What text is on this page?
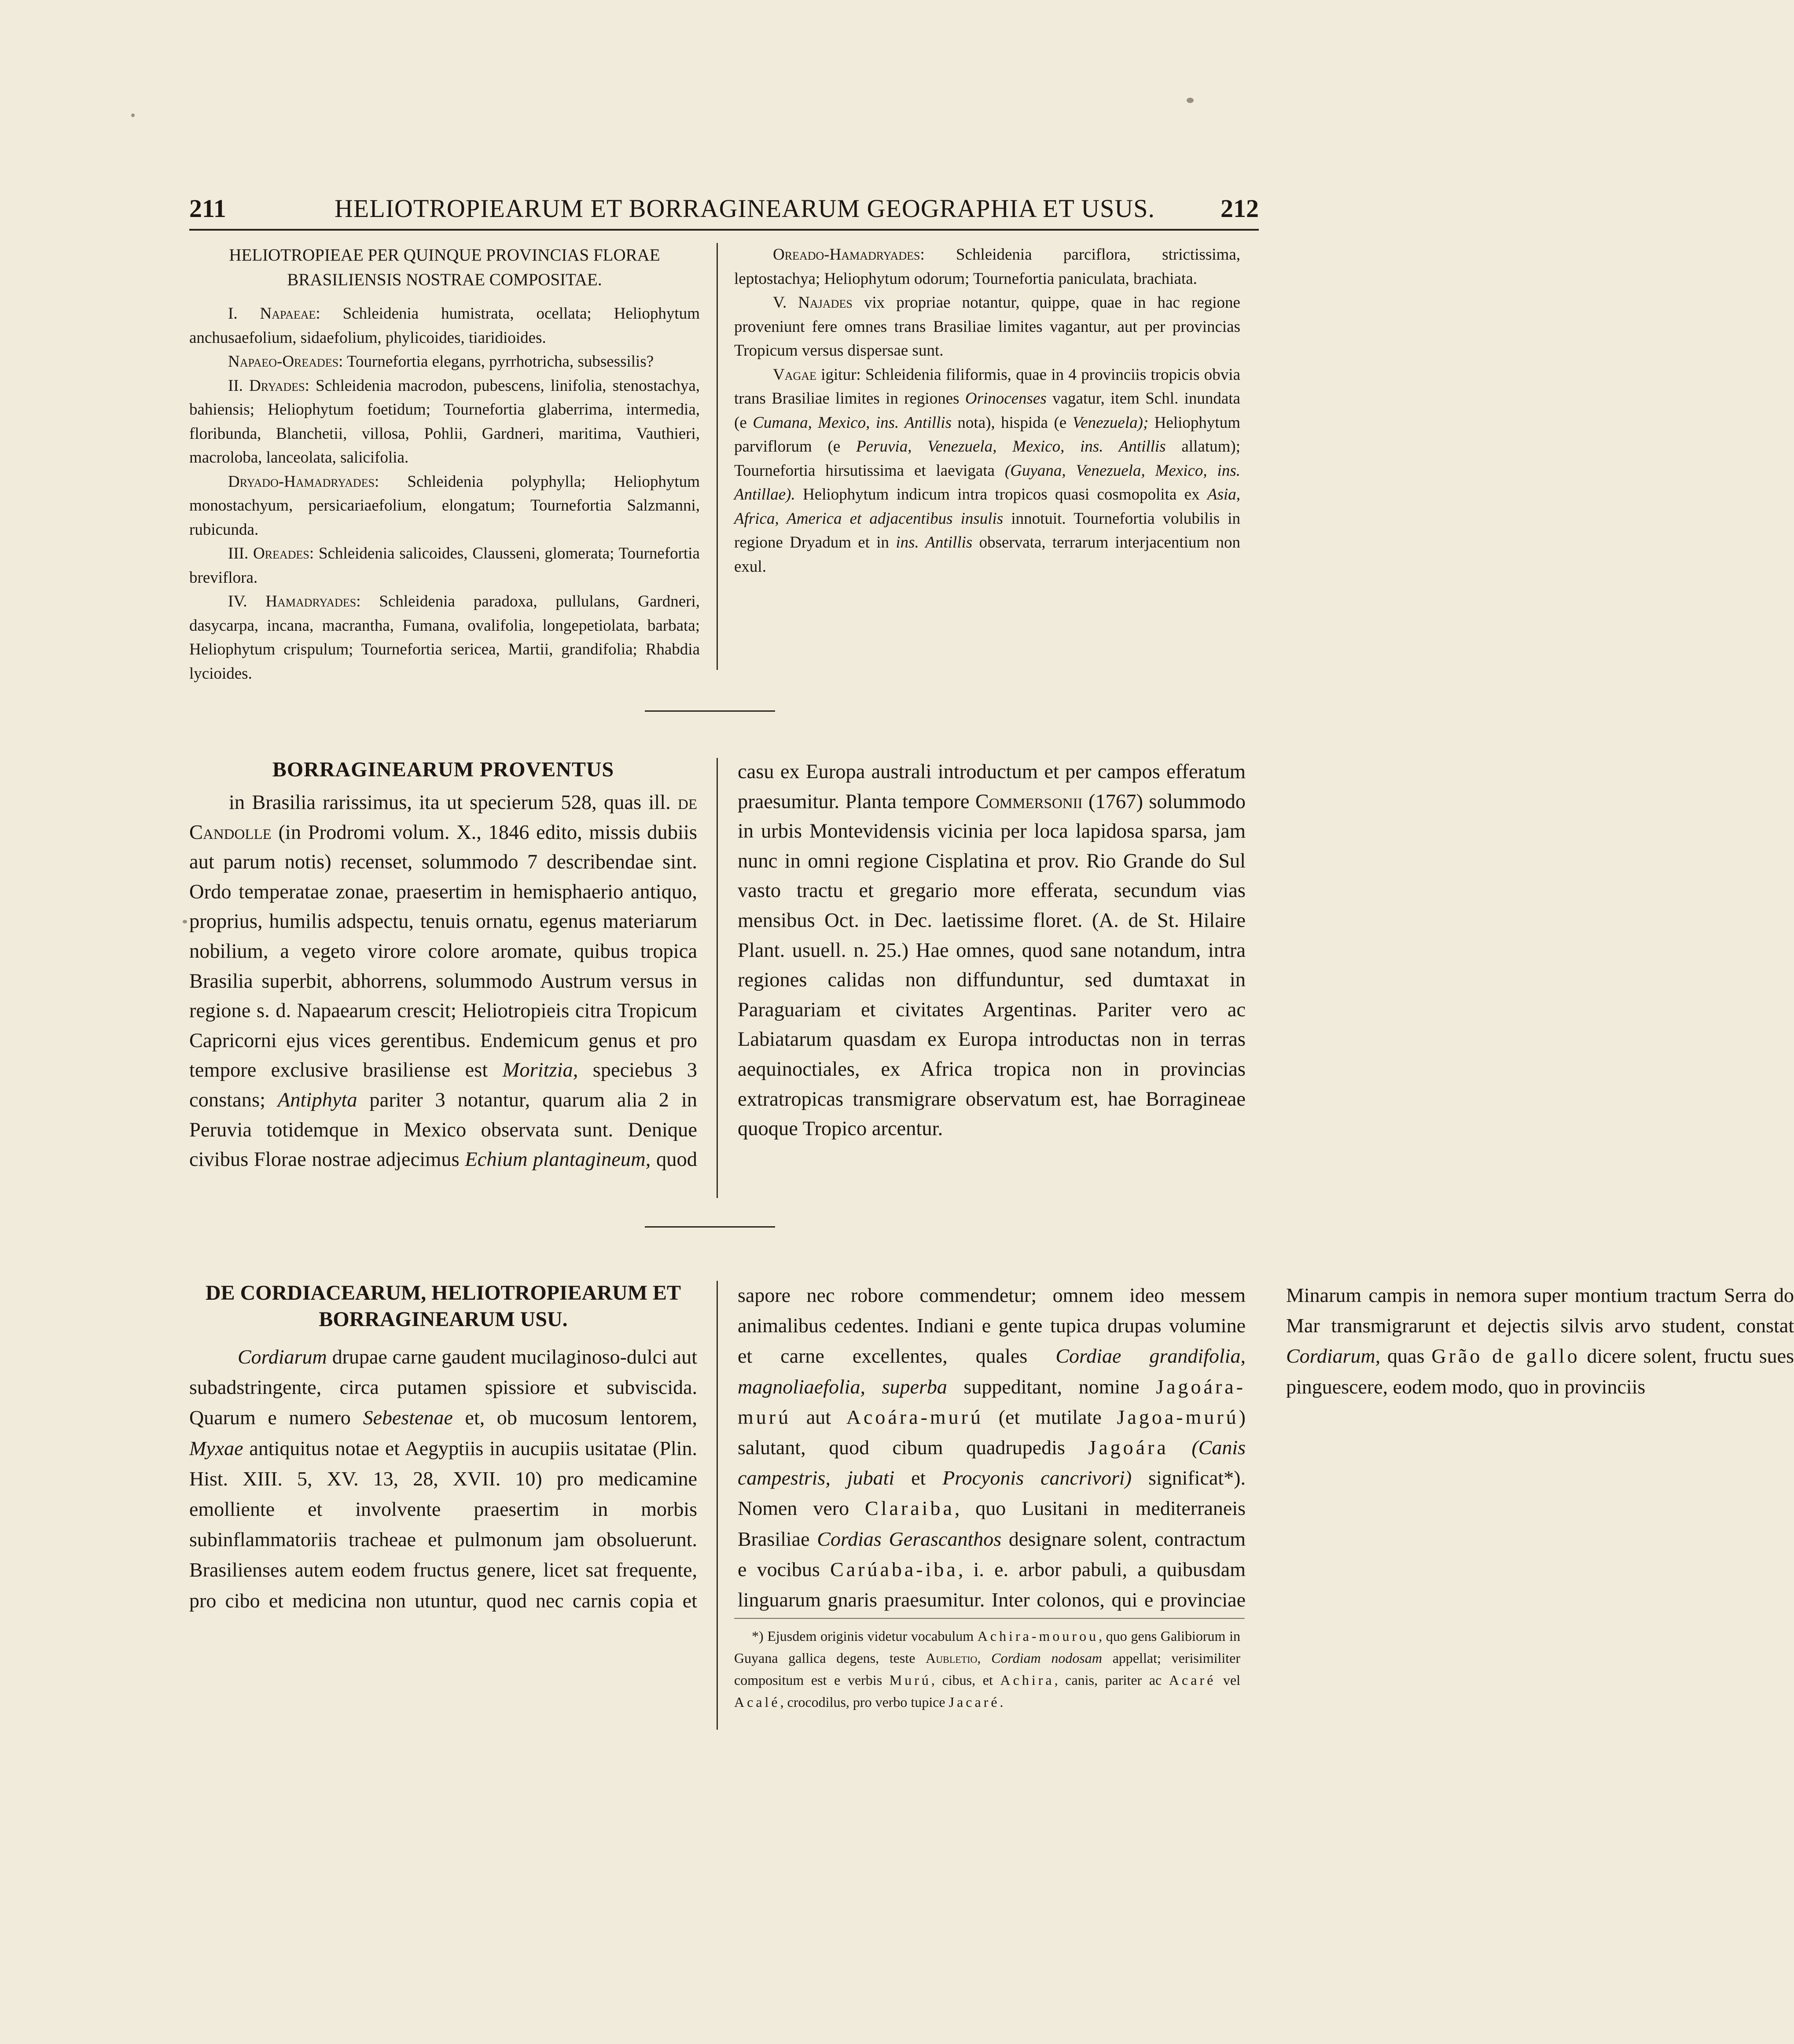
211	HELIOTROPIEARUM ET BORRAGINEARUM GEOGRAPHIA ET USUS.	212

HELIOTROPIEAE PER QUINQUE PROVINCIAS FLORAE BRASILIENSIS NOSTRAE COMPOSITAE.

I. Napaeae: Schleidenia humistrata, ocellata; Heliophytum anchusaefolium, sidaefolium, phylicoides, tiaridioides.

Napaeo-Oreades: Tournefortia elegans, pyrrhotricha, subsessilis?

II. Dryades: Schleidenia macrodon, pubescens, linifolia, stenostachya, bahiensis; Heliophytum foetidum; Tournefortia glaberrima, intermedia, floribunda, Blanchetii, villosa, Pohlii, Gardneri, maritima, Vauthieri, macroloba, lanceolata, salicifolia.

Dryado-Hamadryades: Schleidenia polyphylla; Heliophytum monostachyum, persicariaefolium, elongatum; Tournefortia Salzmanni, rubicunda.

III. Oreades: Schleidenia salicoides, Clausseni, glomerata; Tournefortia breviflora.

IV. Hamadryades: Schleidenia paradoxa, pullulans, Gardneri, dasycarpa, incana, macrantha, Fumana, ovalifolia, longepetiolata, barbata; Heliophytum crispulum; Tournefortia sericea, Martii, grandifolia; Rhabdia lycioides.

Oreado-Hamadryades: Schleidenia parciflora, strictissima, leptostachya; Heliophytum odorum; Tournefortia paniculata, brachiata.

V. Najades vix propriae notantur, quippe, quae in hac regione proveniunt fere omnes trans Brasiliae limites vagantur, aut per provincias Tropicum versus dispersae sunt.

Vagae igitur: Schleidenia filiformis, quae in 4 provinciis tropicis obvia trans Brasiliae limites in regiones Orinocenses vagatur, item Schl. inundata (e Cumana, Mexico, ins. Antillis nota), hispida (e Venezuela); Heliophytum parviflorum (e Peruvia, Venezuela, Mexico, ins. Antillis allatum); Tournefortia hirsutissima et laevigata (Guyana, Venezuela, Mexico, ins. Antillae). Heliophytum indicum intra tropicos quasi cosmopolita ex Asia, Africa, America et adjacentibus insulis innotuit. Tournefortia volubilis in regione Dryadum et in ins. Antillis observata, terrarum interjacentium non exul.

BORRAGINEARUM PROVENTUS

in Brasilia rarissimus, ita ut specierum 528, quas ill. de Candolle (in Prodromi volum. X., 1846 edito, missis dubiis aut parum notis) recenset, solummodo 7 describendae sint. Ordo temperatae zonae, praesertim in hemisphaerio antiquo, proprius, humilis adspectu, tenuis ornatu, egenus materiarum nobilium, a vegeto virore colore aromate, quibus tropica Brasilia superbit, abhorrens, solummodo Austrum versus in regione s. d. Napaearum crescit; Heliotropieis citra Tropicum Capricorni ejus vices gerentibus. Endemicum genus et pro tempore exclusive brasiliense est Moritzia, speciebus 3 constans; Antiphyta pariter 3 notantur, quarum alia 2 in Peruvia totidemque in Mexico observata sunt. Denique civibus Florae nostrae adjecimus Echium plantagineum, quod casu ex Europa australi introductum et per campos efferatum praesumitur. Planta tempore Commersonii (1767) solummodo in urbis Montevidensis vicinia per loca lapidosa sparsa, jam nunc in omni regione Cisplatina et prov. Rio Grande do Sul vasto tractu et gregario more efferata, secundum vias mensibus Oct. in Dec. laetissime floret. (A. de St. Hilaire Plant. usuell. n. 25.) Hae omnes, quod sane notandum, intra regiones calidas non diffunduntur, sed dumtaxat in Paraguariam et civitates Argentinas. Pariter vero ac Labiatarum quasdam ex Europa introductas non in terras aequinoctiales, ex Africa tropica non in provincias extratropicas transmigrare observatum est, hae Borragineae quoque Tropico arcentur.

DE CORDIACEARUM, HELIOTROPIEARUM ET BORRAGINEARUM USU.

Cordiarum drupae carne gaudent mucilaginoso-dulci aut subadstringente, circa putamen spissiore et subviscida. Quarum e numero Sebestenae et, ob mucosum lentorem, Myxae antiquitus notae et Aegyptiis in aucupiis usitatae (Plin. Hist. XIII. 5, XV. 13, 28, XVII. 10) pro medicamine emolliente et involvente praesertim in morbis subinflammatoriis tracheae et pulmonum jam obsoluerunt. Brasilienses autem eodem fructus genere, licet sat frequente, pro cibo et medicina non utuntur, quod nec carnis copia et sapore nec robore commendetur; omnem ideo messem animalibus cedentes. Indiani e gente tupica drupas volumine et carne excellentes, quales Cordiae grandifolia, magnoliaefolia, superba suppeditant, nomine Jagoára-murú aut Acoára-murú (et mutilate Jagoa-murú) salutant, quod cibum quadrupedis Jagoára (Canis campestris, jubati et Procyonis cancrivori) significat*). Nomen vero Claraiba, quo Lusitani in mediterraneis Brasiliae Cordias Gerascanthos designare solent, contractum e vocibus Carúaba-iba, i. e. arbor pabuli, a quibusdam linguarum gnaris praesumitur. Inter colonos, qui e provinciae Minarum campis in nemora super montium tractum Serra do Mar transmigrarunt et dejectis silvis arvo student, constat Cordiarum, quas Grão de gallo dicere solent, fructu sues pinguescere, eodem modo, quo in provinciis

*) Ejusdem originis videtur vocabulum Achira-mourou, quo gens Galibiorum in Guyana gallica degens, teste Aubletio, Cordiam nodosam appellat; verisimiliter compositum est e verbis Murú, cibus, et Achira, canis, pariter ac Acaré vel Acalé, crocodilus, pro verbo tupice Jacaré.
